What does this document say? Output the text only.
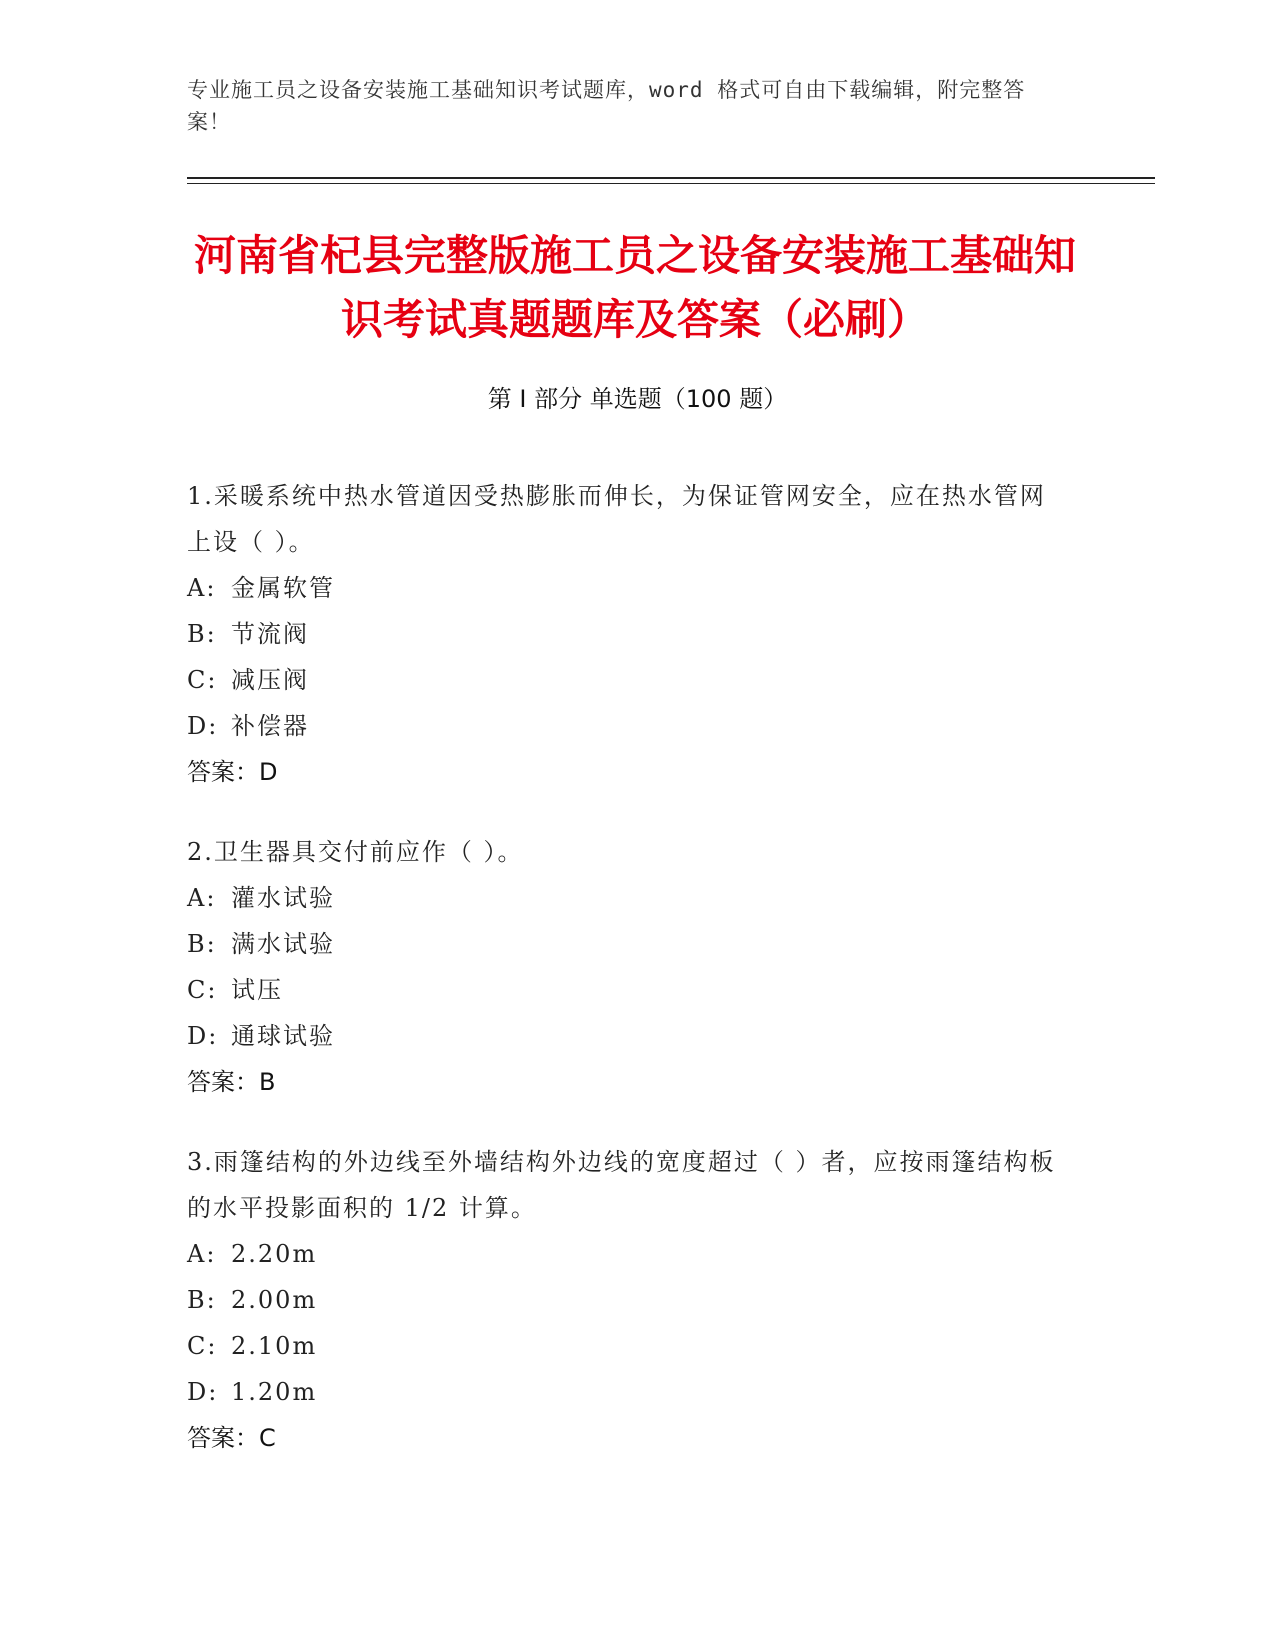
专业施工员之设备安装施工基础知识考试题库，word 格式可自由下载编辑，附完整答案！
河南省杞县完整版施工员之设备安装施工基础知识考试真题题库及答案（必刷）
第 I 部分 单选题（100 题）
1.采暖系统中热水管道因受热膨胀而伸长，为保证管网安全，应在热水管网上设（ ）。
A: 金属软管
B: 节流阀
C: 减压阀
D: 补偿器
答案：D
2.卫生器具交付前应作（ ）。
A: 灌水试验
B: 满水试验
C: 试压
D: 通球试验
答案：B
3.雨篷结构的外边线至外墙结构外边线的宽度超过（ ）者，应按雨篷结构板的水平投影面积的 1/2 计算。
A: 2.20m
B: 2.00m
C: 2.10m
D: 1.20m
答案：C
